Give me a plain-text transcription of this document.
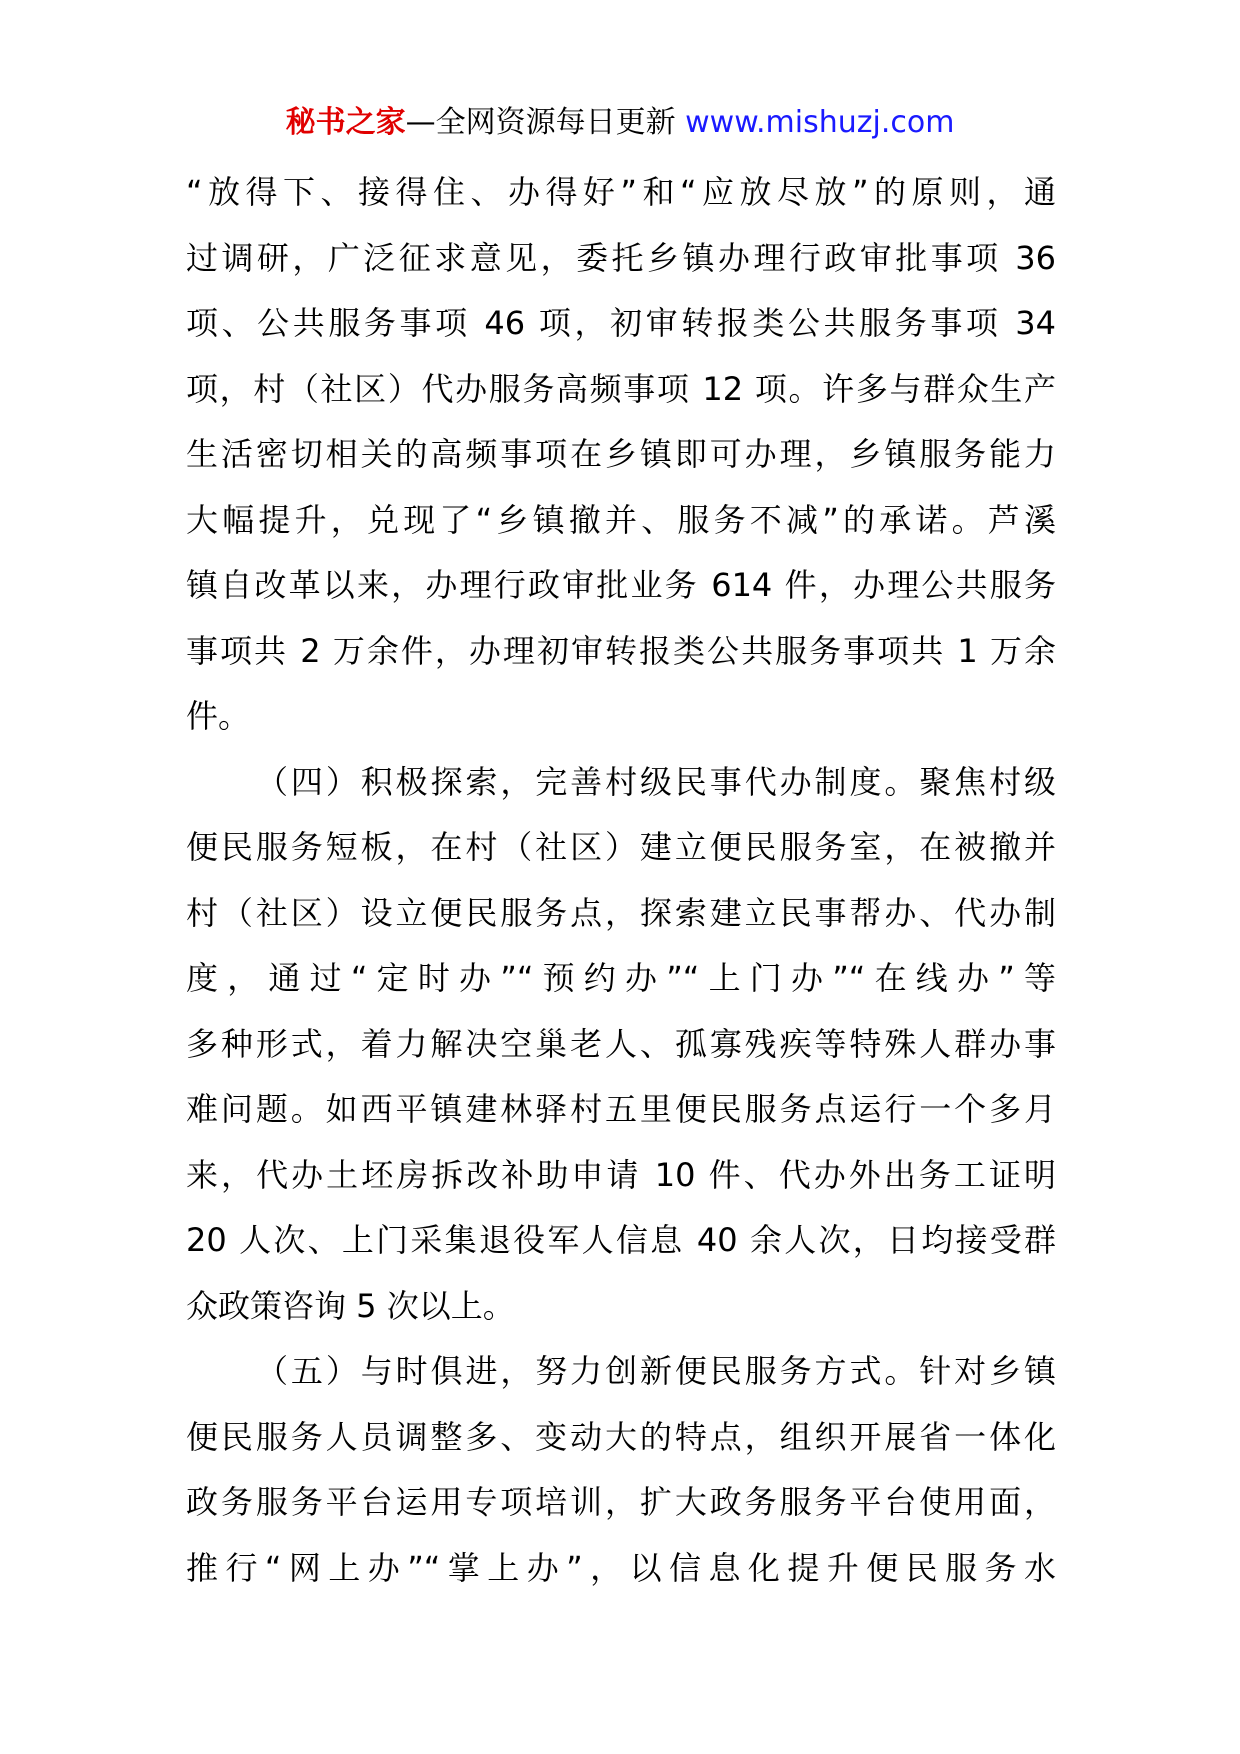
秘书之家—全网资源每日更新 www.mishuzj.com
“放得下、接得住、办得好”和“应放尽放”的原则，通
过调研，广泛征求意见，委托乡镇办理行政审批事项 36
项、公共服务事项 46 项，初审转报类公共服务事项 34
项，村（社区）代办服务高频事项 12 项。许多与群众生产
生活密切相关的高频事项在乡镇即可办理，乡镇服务能力
大幅提升，兑现了“乡镇撤并、服务不减”的承诺。芦溪
镇自改革以来，办理行政审批业务 614 件，办理公共服务
事项共 2 万余件，办理初审转报类公共服务事项共 1 万余
件。
（四）积极探索，完善村级民事代办制度。聚焦村级
便民服务短板，在村（社区）建立便民服务室，在被撤并
村（社区）设立便民服务点，探索建立民事帮办、代办制
度，通过“定时办”“预约办”“上门办”“在线办”等
多种形式，着力解决空巢老人、孤寡残疾等特殊人群办事
难问题。如西平镇建林驿村五里便民服务点运行一个多月
来，代办土坯房拆改补助申请 10 件、代办外出务工证明
20 人次、上门采集退役军人信息 40 余人次，日均接受群
众政策咨询 5 次以上。
（五）与时俱进，努力创新便民服务方式。针对乡镇
便民服务人员调整多、变动大的特点，组织开展省一体化
政务服务平台运用专项培训，扩大政务服务平台使用面，
推行“网上办”“掌上办”，以信息化提升便民服务水
